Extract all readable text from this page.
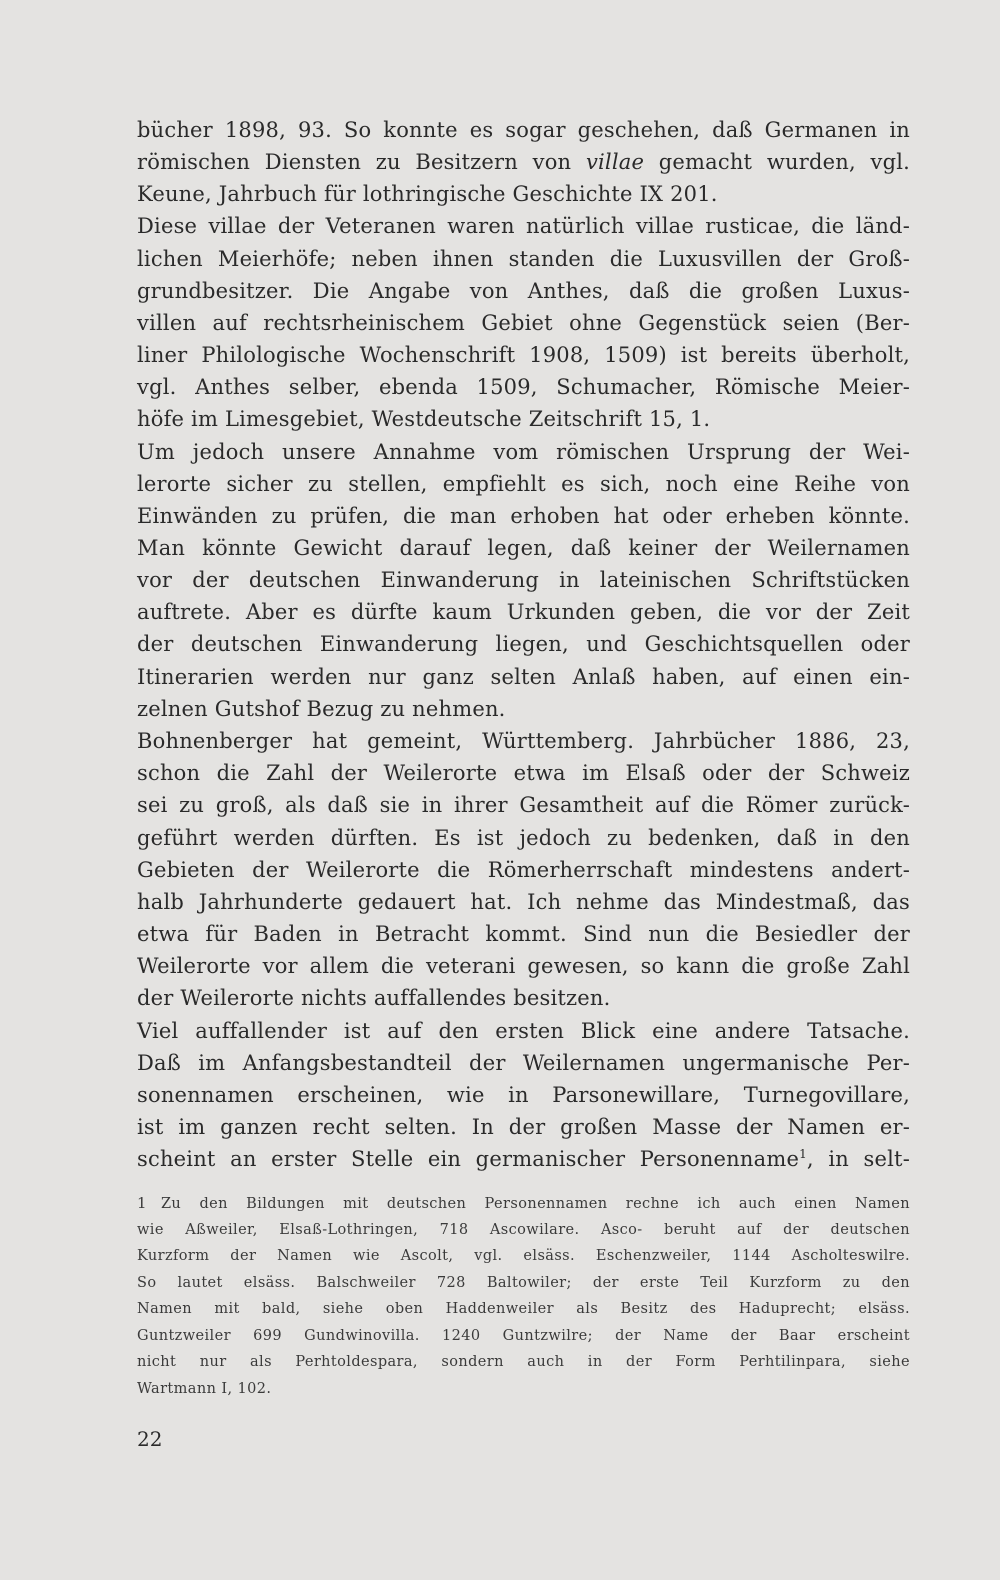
bücher 1898, 93. So konnte es sogar geschehen, daß Germanen in
römischen Diensten zu Besitzern von villae gemacht wurden, vgl.
Keune, Jahrbuch für lothringische Geschichte IX 201.
Diese villae der Veteranen waren natürlich villae rusticae, die länd-
lichen Meierhöfe; neben ihnen standen die Luxusvillen der Groß-
grundbesitzer. Die Angabe von Anthes, daß die großen Luxus-
villen auf rechtsrheinischem Gebiet ohne Gegenstück seien (Ber-
liner Philologische Wochenschrift 1908, 1509) ist bereits überholt,
vgl. Anthes selber, ebenda 1509, Schumacher, Römische Meier-
höfe im Limesgebiet, Westdeutsche Zeitschrift 15, 1.
Um jedoch unsere Annahme vom römischen Ursprung der Wei-
lerorte sicher zu stellen, empfiehlt es sich, noch eine Reihe von
Einwänden zu prüfen, die man erhoben hat oder erheben könnte.
Man könnte Gewicht darauf legen, daß keiner der Weilernamen
vor der deutschen Einwanderung in lateinischen Schriftstücken
auftrete. Aber es dürfte kaum Urkunden geben, die vor der Zeit
der deutschen Einwanderung liegen, und Geschichtsquellen oder
Itinerarien werden nur ganz selten Anlaß haben, auf einen ein-
zelnen Gutshof Bezug zu nehmen.
Bohnenberger hat gemeint, Württemberg. Jahrbücher 1886, 23,
schon die Zahl der Weilerorte etwa im Elsaß oder der Schweiz
sei zu groß, als daß sie in ihrer Gesamtheit auf die Römer zurück-
geführt werden dürften. Es ist jedoch zu bedenken, daß in den
Gebieten der Weilerorte die Römerherrschaft mindestens andert-
halb Jahrhunderte gedauert hat. Ich nehme das Mindestmaß, das
etwa für Baden in Betracht kommt. Sind nun die Besiedler der
Weilerorte vor allem die veterani gewesen, so kann die große Zahl
der Weilerorte nichts auffallendes besitzen.
Viel auffallender ist auf den ersten Blick eine andere Tatsache.
Daß im Anfangsbestandteil der Weilernamen ungermanische Per-
sonennamen erscheinen, wie in Parsonewillare, Turnegovillare,
ist im ganzen recht selten. In der großen Masse der Namen er-
scheint an erster Stelle ein germanischer Personenname$^1$, in selt-
1 Zu den Bildungen mit deutschen Personennamen rechne ich auch einen Namen
wie Aßweiler, Elsaß-Lothringen, 718 Ascowilare. Asco- beruht auf der deutschen
Kurzform der Namen wie Ascolt, vgl. elsäss. Eschenzweiler, 1144 Ascholteswilre.
So lautet elsäss. Balschweiler 728 Baltowiler; der erste Teil Kurzform zu den
Namen mit bald, siehe oben Haddenweiler als Besitz des Haduprecht; elsäss.
Guntzweiler 699 Gundwinovilla. 1240 Guntzwilre; der Name der Baar erscheint
nicht nur als Perhtoldespara, sondern auch in der Form Perhtilinpara, siehe
Wartmann I, 102.
22
